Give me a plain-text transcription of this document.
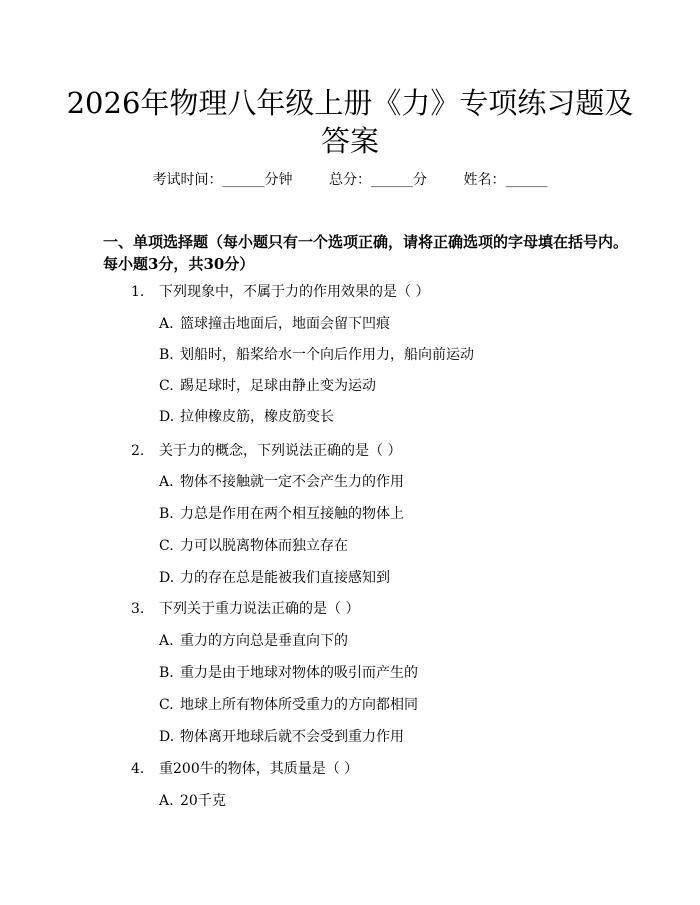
2026年物理八年级上册《力》专项练习题及答案
考试时间：______分钟	总分：______分	姓名：______
一、单项选择题（每小题只有一个选项正确，请将正确选项的字母填在括号内。每小题3分，共30分）
1. 下列现象中，不属于力的作用效果的是（ ）
A. 篮球撞击地面后，地面会留下凹痕
B. 划船时，船桨给水一个向后作用力，船向前运动
C. 踢足球时，足球由静止变为运动
D. 拉伸橡皮筋，橡皮筋变长
2. 关于力的概念，下列说法正确的是（ ）
A. 物体不接触就一定不会产生力的作用
B. 力总是作用在两个相互接触的物体上
C. 力可以脱离物体而独立存在
D. 力的存在总是能被我们直接感知到
3. 下列关于重力说法正确的是（ ）
A. 重力的方向总是垂直向下的
B. 重力是由于地球对物体的吸引而产生的
C. 地球上所有物体所受重力的方向都相同
D. 物体离开地球后就不会受到重力作用
4. 重200牛的物体，其质量是（ ）
A. 20千克
